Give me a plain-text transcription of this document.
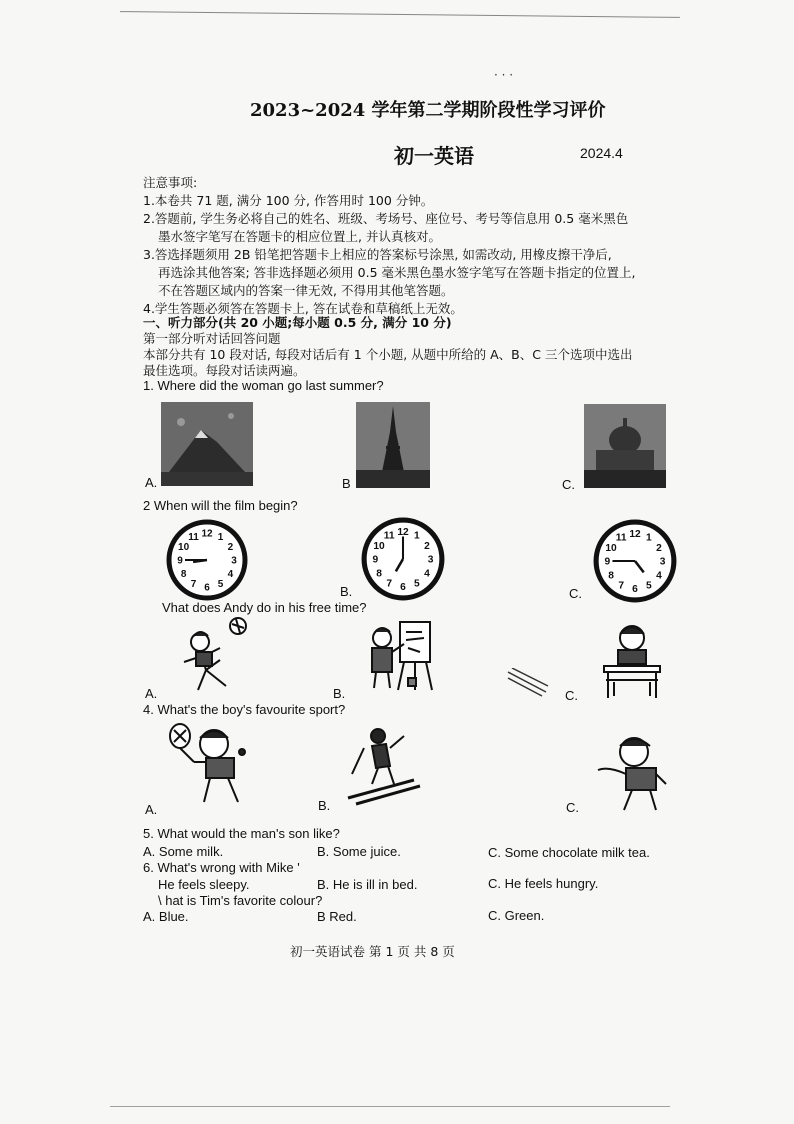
· · ·
2023~2024 学年第二学期阶段性学习评价
初一英语	2024.4
注意事项:
1.本卷共 71 题, 满分 100 分, 作答用时 100 分钟。
2.答题前, 学生务必将自己的姓名、班级、考场号、座位号、考号等信息用 0.5 毫米黑色
墨水签字笔写在答题卡的相应位置上, 并认真核对。
3.答选择题须用 2B 铅笔把答题卡上相应的答案标号涂黑, 如需改动, 用橡皮擦干净后,
再选涂其他答案; 答非选择题必须用 0.5 毫米黑色墨水签字笔写在答题卡指定的位置上,
不在答题区域内的答案一律无效, 不得用其他笔答题。
4.学生答题必须答在答题卡上, 答在试卷和草稿纸上无效。
一、听力部分(共 20 小题;每小题 0.5 分, 满分 10 分)
第一部分听对话回答问题
本部分共有 10 段对话, 每段对话后有 1 个小题, 从题中所给的 A、B、C 三个选项中选出
最佳选项。每段对话读两遍。
1. Where did the woman go last summer?
A.	B	C.
2 When will the film begin?
1
2
3
4
5
6
7
8
9
10
11 12	1
2
3
4
5
6
7
8
9
10
11 12
B.
1
2
3
4
5
6
7
8
9
10
11 12
C.
Vhat does Andy do in his free time?
A.	B.	C.
4. What's the boy's favourite sport?
A.	B.	C.
5. What would the man's son like?
A. Some milk.	B. Some juice.	C. Some chocolate milk tea.
6. What's wrong with Mike '
He feels sleepy.	B. He is ill in bed.	C. He feels hungry.
\ hat is Tim's favorite colour?
A. Blue.	B Red.	C. Green.
初一英语试卷 第 1 页 共 8 页
